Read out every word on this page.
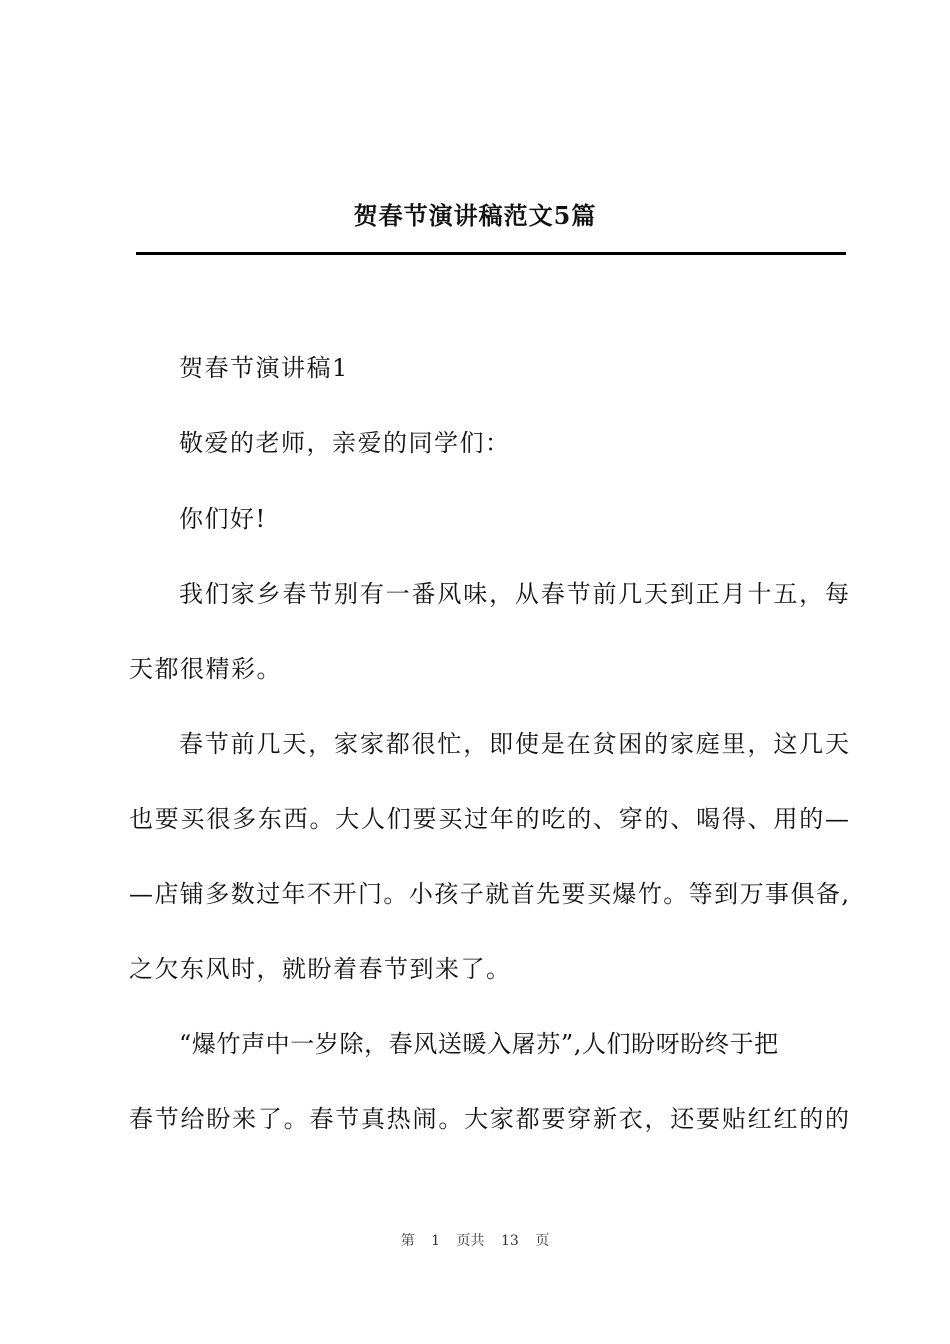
贺春节演讲稿范文5篇
贺春节演讲稿1
敬爱的老师，亲爱的同学们：
你们好!
我们家乡春节别有一番风味，从春节前几天到正月十五，每
天都很精彩。
春节前几天，家家都很忙，即使是在贫困的家庭里，这几天
也要买很多东西。大人们要买过年的吃的、穿的、喝得、用的—
—店铺多数过年不开门。小孩子就首先要买爆竹。等到万事俱备,
之欠东风时，就盼着春节到来了。
“爆竹声中一岁除，春风送暖入屠苏”,人们盼呀盼终于把
春节给盼来了。春节真热闹。大家都要穿新衣，还要贴红红的的
第 1 页共 13 页
